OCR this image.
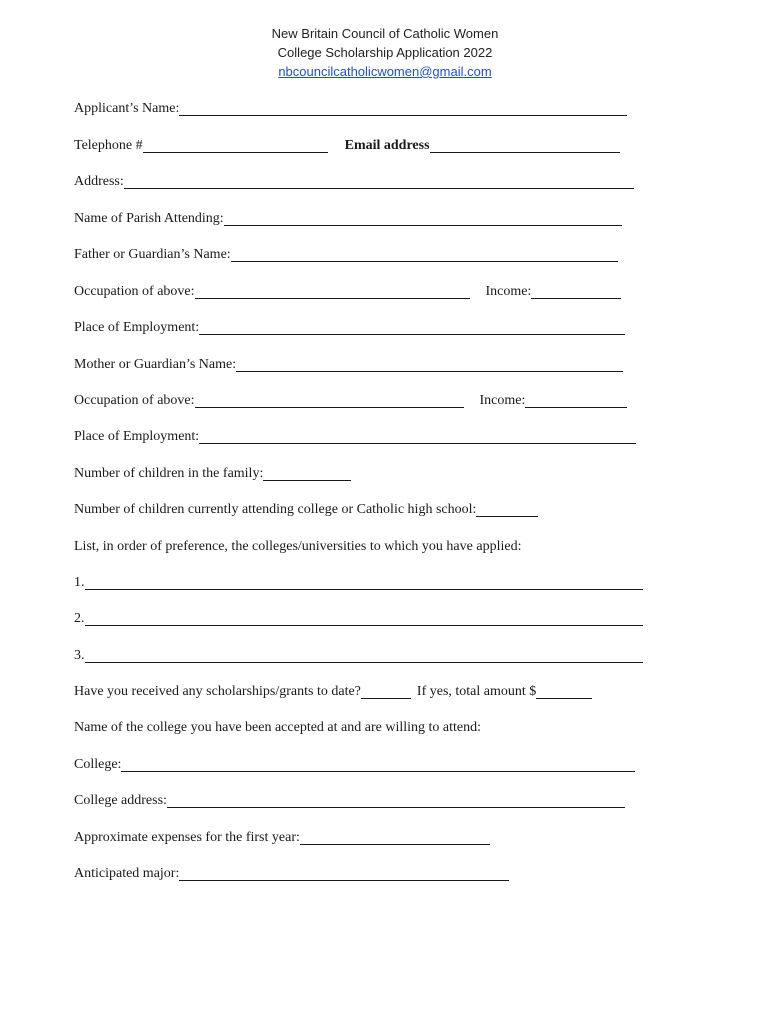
New Britain Council of Catholic Women
College Scholarship Application 2022
nbcouncilcatholicwomen@gmail.com
Applicant’s Name:
Telephone #	Email address
Address:
Name of Parish Attending:
Father or Guardian’s Name:
Occupation of above:	Income:
Place of Employment:
Mother or Guardian’s Name:
Occupation of above:	Income:
Place of Employment:
Number of children in the family:
Number of children currently attending college or Catholic high school:
List, in order of preference, the colleges/universities to which you have applied:
1.
2.
3.
Have you received any scholarships/grants to date?	If yes, total amount $
Name of the college you have been accepted at and are willing to attend:
College:
College address:
Approximate expenses for the first year:
Anticipated major:
